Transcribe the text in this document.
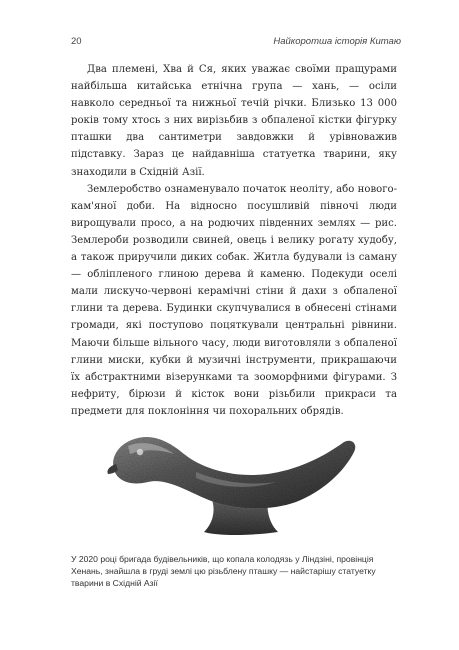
20	Найкоротша історія Китаю

Два племені, Хва й Ся, яких уважає своїми пращурами найбільша китайська етнічна група — хань, — осіли навколо середньої та нижньої течій річки. Близько 13 000 років тому хтось з них вирізьбив з обпаленої кістки фігурку пташки два сантиметри завдовжки й урівноважив підставку. Зараз це найдавніша статуетка тварини, яку знаходили в Східній Азії.

Землеробство ознаменувало початок неоліту, або новогокам'яної доби. На відносно посушливій півночі люди вирощували просо, а на родючих південних землях — рис. Землероби розводили свиней, овець і велику рогату худобу, а також приручили диких собак. Житла будували із саману — обліпленого глиною дерева й каменю. Подекуди оселі мали лискучо-червоні керамічні стіни й дахи з обпаленої глини та дерева. Будинки скупчувалися в обнесені стінами громади, які поступово поцяткували центральні рівнини. Маючи більше вільного часу, люди виготовляли з обпаленої глини миски, кубки й музичні інструменти, прикрашаючи їх абстрактними візерунками та зооморфними фігурами. З нефриту, бірюзи й кісток вони різьбили прикраси та предмети для поклоніння чи похоральних обрядів.

У 2020 році бригада будівельників, що копала колодязь у Ліндзіні, провінція Хенань, знайшла в груді землі цю різьблену пташку — найстарішу статуетку тварини в Східній Азії
